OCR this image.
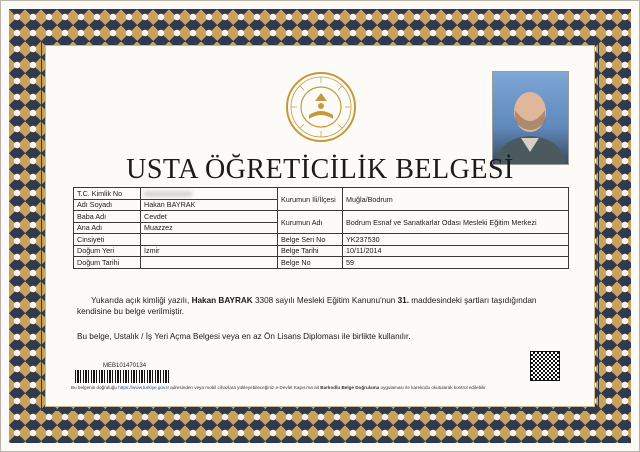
USTA ÖĞRETİCİLİK BELGESİ
T.C. Kimlik No	●●●●●●●●●●●	Kurumun İli/İlçesi	Muğla/Bodrum
Adı Soyadı	Hakan BAYRAK		
Baba Adı	Cevdet	Kurumun Adı	Bodrum Esnaf ve Sanatkarlar Odası Mesleki Eğitim Merkezi
Ana Adı	Muazzez		
Cinsiyeti		Belge Seri No	YK237530
Doğum Yeri	İzmir	Belge Tarihi	10/11/2014
Doğum Tarihi		Belge No	59
Yukarıda açık kimliği yazılı, Hakan BAYRAK 3308 sayılı Mesleki Eğitim Kanunu'nun 31. maddesindeki şartları taşıdığından kendisine bu belge verilmiştir.
Bu belge, Ustalık / İş Yeri Açma Belgesi veya en az Ön Lisans Diploması ile birlikte kullanılır.
MEB10147013​4
Bu belgenin doğruluğu https://www.turkiye.gov.tr adresinden veya mobil cihazlara yükleyebileceğiniz e-Devlet Kapısı'na ait Barkodlu Belge Doğrulama uygulaması ile karekodu okutularak kontrol edilebilir.
